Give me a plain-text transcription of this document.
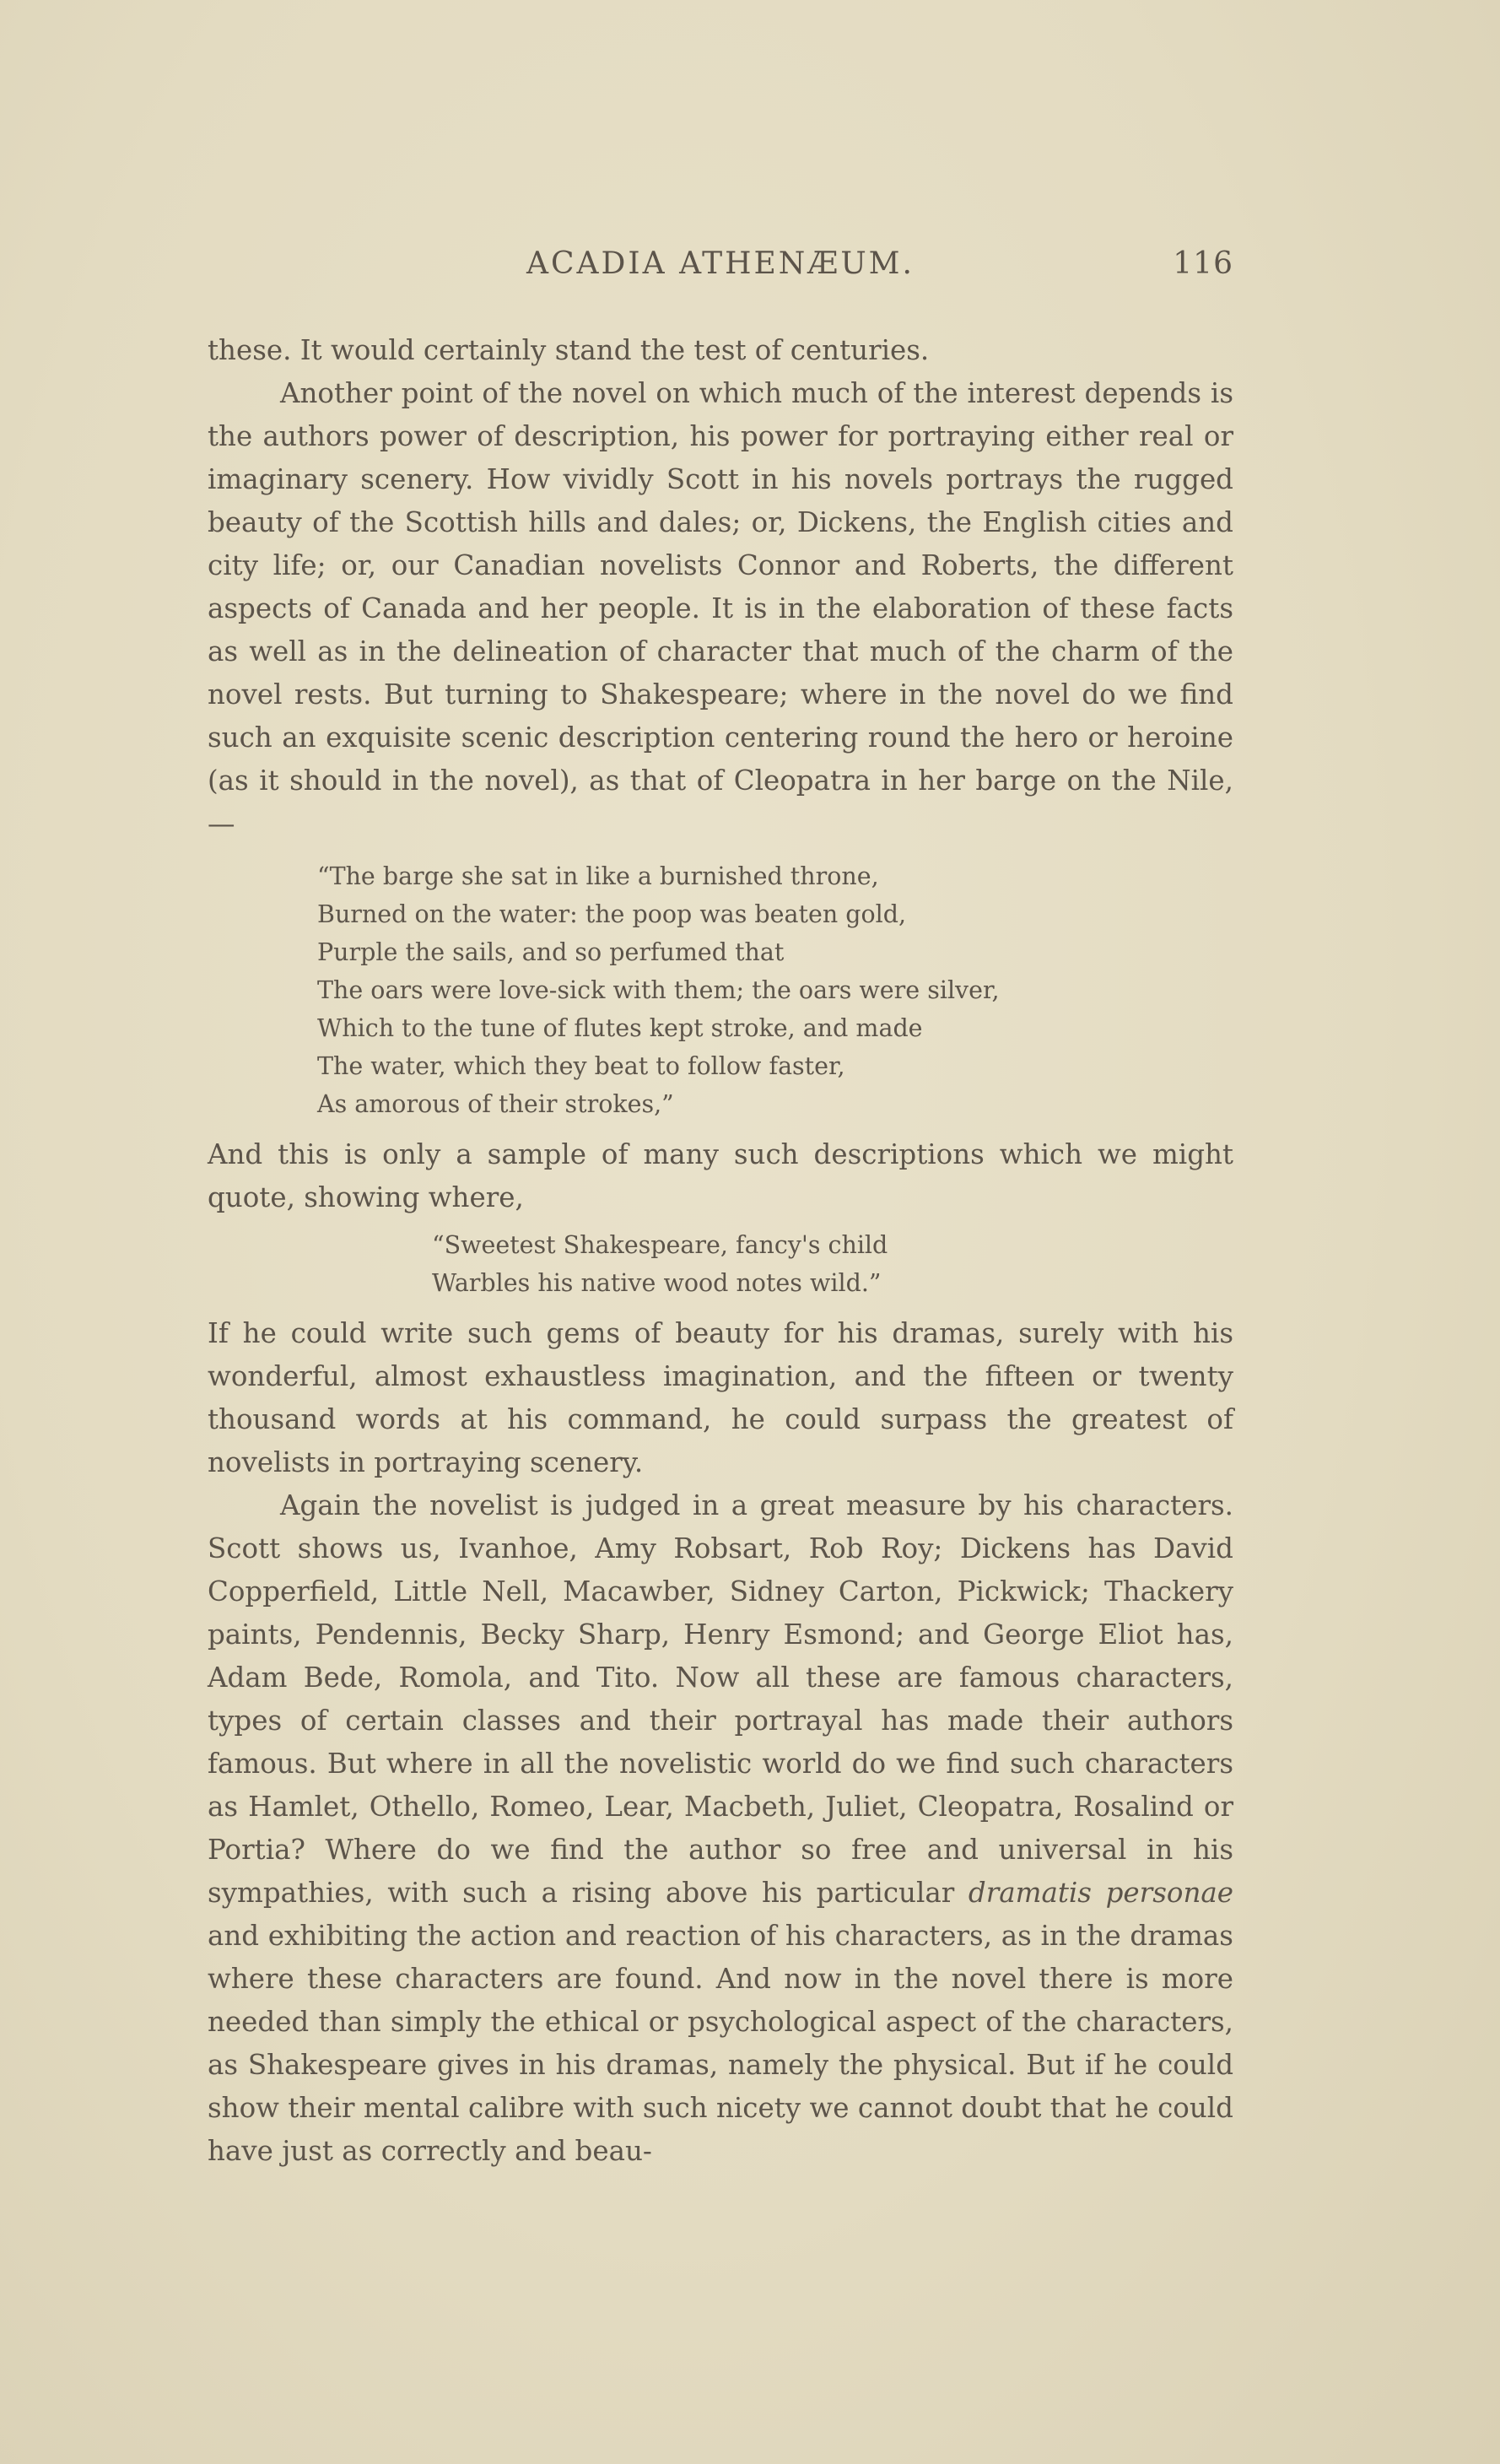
ACADIA ATHENÆUM.	116

these. It would certainly stand the test of centuries.

Another point of the novel on which much of the interest depends is the authors power of description, his power for portraying either real or imaginary scenery. How vividly Scott in his novels portrays the rugged beauty of the Scottish hills and dales; or, Dickens, the English cities and city life; or, our Canadian novelists Connor and Roberts, the different aspects of Canada and her people. It is in the elaboration of these facts as well as in the delineation of character that much of the charm of the novel rests. But turning to Shakespeare; where in the novel do we find such an exquisite scenic description centering round the hero or heroine (as it should in the novel), as that of Cleopatra in her barge on the Nile,—

“The barge she sat in like a burnished throne,
Burned on the water: the poop was beaten gold,
Purple the sails, and so perfumed that
The oars were love-sick with them; the oars were silver,
Which to the tune of flutes kept stroke, and made
The water, which they beat to follow faster,
As amorous of their strokes,”

And this is only a sample of many such descriptions which we might quote, showing where,

“Sweetest Shakespeare, fancy's child
Warbles his native wood notes wild.”

If he could write such gems of beauty for his dramas, surely with his wonderful, almost exhaustless imagination, and the fifteen or twenty thousand words at his command, he could surpass the greatest of novelists in portraying scenery.

Again the novelist is judged in a great measure by his characters. Scott shows us, Ivanhoe, Amy Robsart, Rob Roy; Dickens has David Copperfield, Little Nell, Macawber, Sidney Carton, Pickwick; Thackery paints, Pendennis, Becky Sharp, Henry Esmond; and George Eliot has, Adam Bede, Romola, and Tito. Now all these are famous characters, types of certain classes and their portrayal has made their authors famous. But where in all the novelistic world do we find such characters as Hamlet, Othello, Romeo, Lear, Macbeth, Juliet, Cleopatra, Rosalind or Portia? Where do we find the author so free and universal in his sympathies, with such a rising above his particular dramatis personae and exhibiting the action and reaction of his characters, as in the dramas where these characters are found. And now in the novel there is more needed than simply the ethical or psychological aspect of the characters, as Shakespeare gives in his dramas, namely the physical. But if he could show their mental calibre with such nicety we cannot doubt that he could have just as correctly and beau-
